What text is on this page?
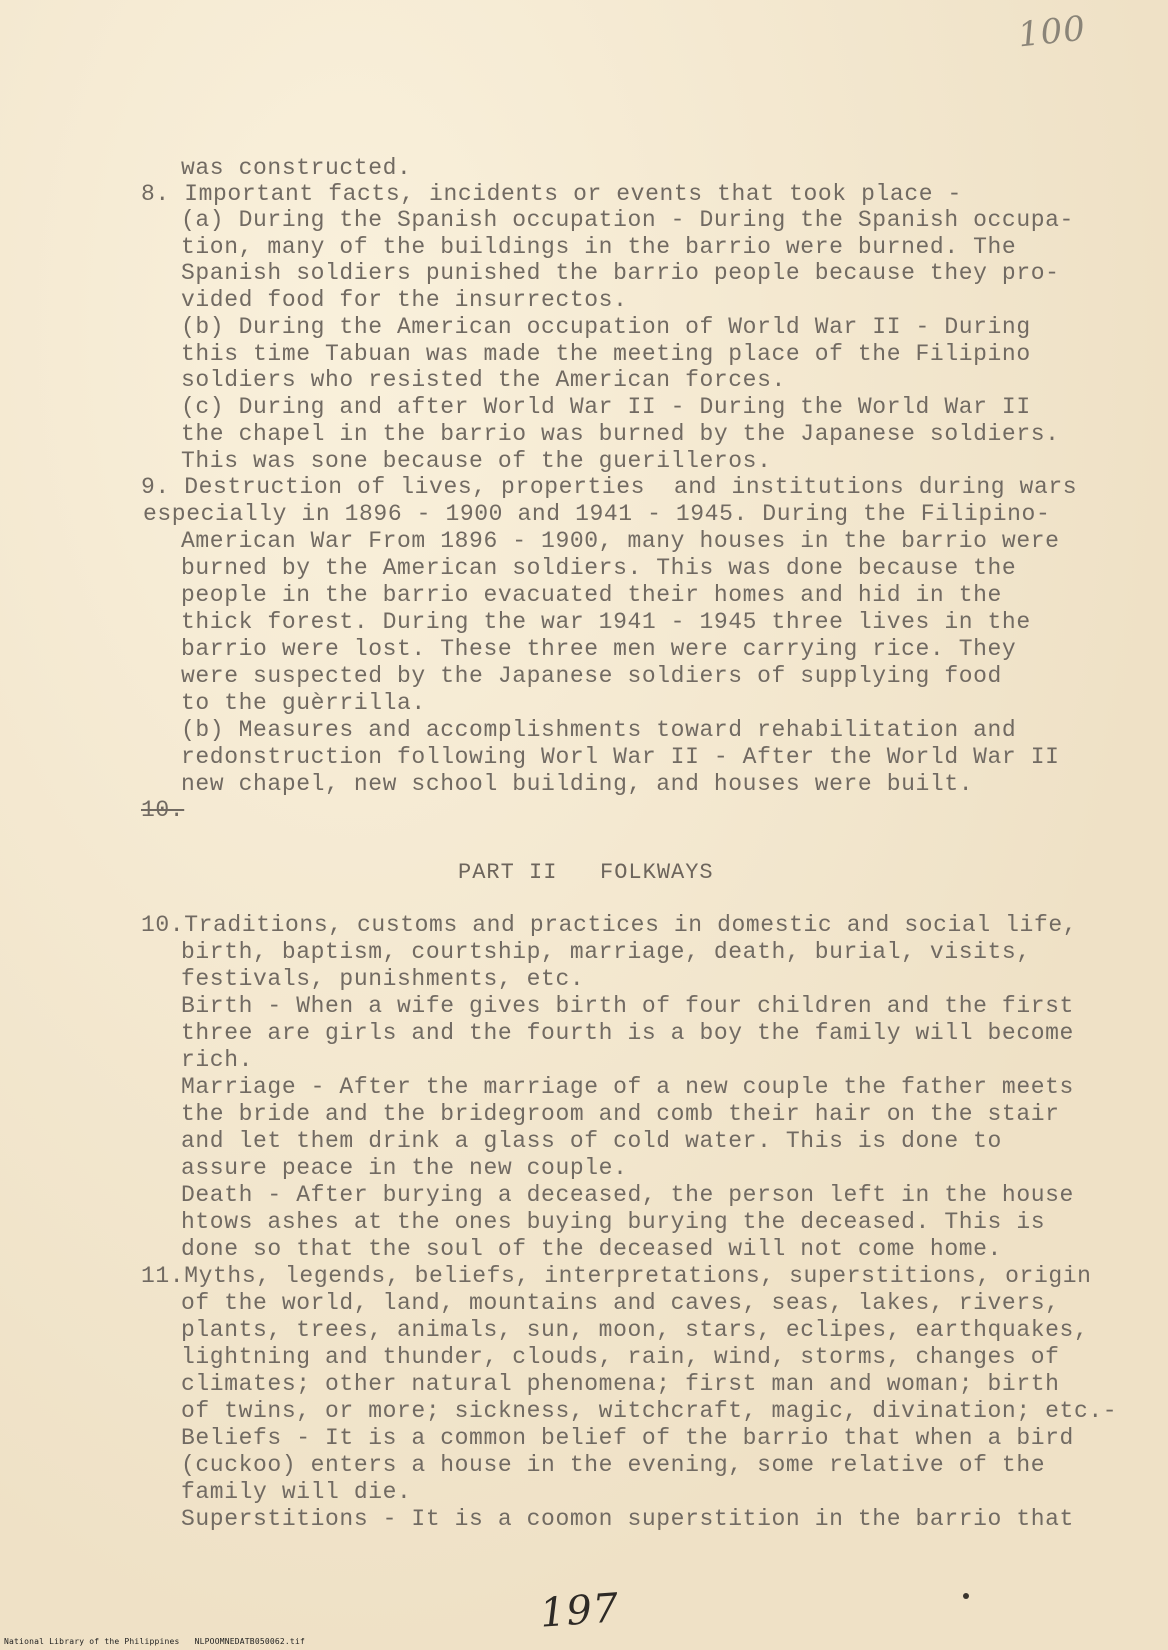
100
was constructed.
8. Important facts, incidents or events that took place -
(a) During the Spanish occupation - During the Spanish occupa-
tion, many of the buildings in the barrio were burned. The
Spanish soldiers punished the barrio people because they pro-
vided food for the insurrectos.
(b) During the American occupation of World War II - During
this time Tabuan was made the meeting place of the Filipino
soldiers who resisted the American forces.
(c) During and after World War II - During the World War II
the chapel in the barrio was burned by the Japanese soldiers.
This was sone because of the guerilleros.
9. Destruction of lives, properties  and institutions during wars
especially in 1896 - 1900 and 1941 - 1945. During the Filipino-
American War From 1896 - 1900, many houses in the barrio were
burned by the American soldiers. This was done because the
people in the barrio evacuated their homes and hid in the
thick forest. During the war 1941 - 1945 three lives in the
barrio were lost. These three men were carrying rice. They
were suspected by the Japanese soldiers of supplying food
to the guèrrilla.
(b) Measures and accomplishments toward rehabilitation and
redonstruction following Worl War II - After the World War II
new chapel, new school building, and houses were built.
10.
PART II   FOLKWAYS
10.Traditions, customs and practices in domestic and social life,
birth, baptism, courtship, marriage, death, burial, visits,
festivals, punishments, etc.
Birth - When a wife gives birth of four children and the first
three are girls and the fourth is a boy the family will become
rich.
Marriage - After the marriage of a new couple the father meets
the bride and the bridegroom and comb their hair on the stair
and let them drink a glass of cold water. This is done to
assure peace in the new couple.
Death - After burying a deceased, the person left in the house
htows ashes at the ones buying burying the deceased. This is
done so that the soul of the deceased will not come home.
11.Myths, legends, beliefs, interpretations, superstitions, origin
of the world, land, mountains and caves, seas, lakes, rivers,
plants, trees, animals, sun, moon, stars, eclipes, earthquakes,
lightning and thunder, clouds, rain, wind, storms, changes of
climates; other natural phenomena; first man and woman; birth
of twins, or more; sickness, witchcraft, magic, divination; etc.-
Beliefs - It is a common belief of the barrio that when a bird
(cuckoo) enters a house in the evening, some relative of the
family will die.
Superstitions - It is a coomon superstition in the barrio that
197
National Library of the Philippines   NLPOOMNEDATB050062.tif
